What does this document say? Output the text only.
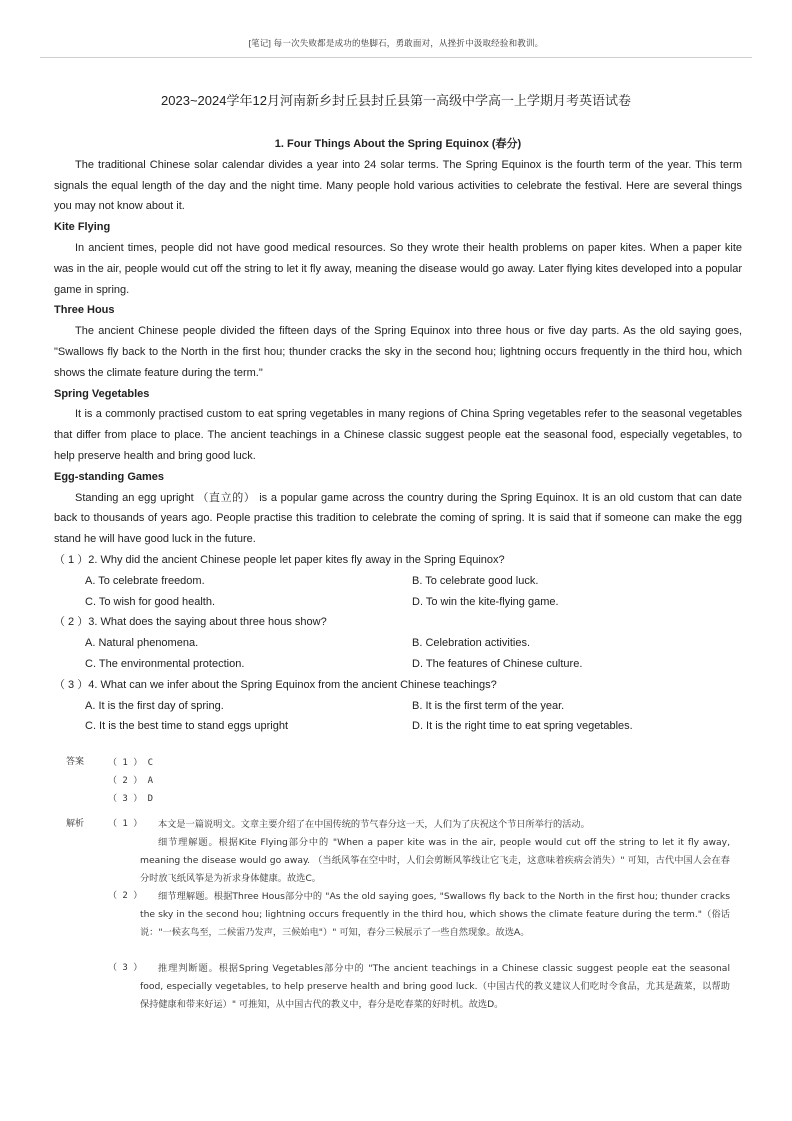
[笔记] 每一次失败都是成功的垫脚石，勇敢面对，从挫折中汲取经验和教训。
2023~2024学年12月河南新乡封丘县封丘县第一高级中学高一上学期月考英语试卷
1. Four Things About the Spring Equinox (春分)

The traditional Chinese solar calendar divides a year into 24 solar terms. The Spring Equinox is the fourth term of the year. This term signals the equal length of the day and the night time. Many people hold various activities to celebrate the festival. Here are several things you may not know about it.

Kite Flying

In ancient times, people did not have good medical resources. So they wrote their health problems on paper kites. When a paper kite was in the air, people would cut off the string to let it fly away, meaning the disease would go away. Later flying kites developed into a popular game in spring.

Three Hous

The ancient Chinese people divided the fifteen days of the Spring Equinox into three hous or five day parts. As the old saying goes, "Swallows fly back to the North in the first hou; thunder cracks the sky in the second hou; lightning occurs frequently in the third hou, which shows the climate feature during the term."

Spring Vegetables

It is a commonly practised custom to eat spring vegetables in many regions of China Spring vegetables refer to the seasonal vegetables that differ from place to place. The ancient teachings in a Chinese classic suggest people eat the seasonal food, especially vegetables, to help preserve health and bring good luck.

Egg-standing Games

Standing an egg upright （直立的） is a popular game across the country during the Spring Equinox. It is an old custom that can date back to thousands of years ago. People practise this tradition to celebrate the coming of spring. It is said that if someone can make the egg stand he will have good luck in the future.

（ 1 ）2. Why did the ancient Chinese people let paper kites fly away in the Spring Equinox?

A. To celebrate freedom.	B. To celebrate good luck.
C. To wish for good health.	D. To win the kite-flying game.

（ 2 ）3. What does the saying about three hous show?

A. Natural phenomena.	B. Celebration activities.
C. The environmental protection.	D. The features of Chinese culture.

（ 3 ）4. What can we infer about the Spring Equinox from the ancient Chinese teachings?

A. It is the first day of spring.	B. It is the first term of the year.
C. It is the best time to stand eggs upright	D. It is the right time to eat spring vegetables.
答案	（ 1 ） C
（ 2 ） A
（ 3 ） D
解析	（ 1 ）	本文是一篇说明文。文章主要介绍了在中国传统的节气春分这一天，人们为了庆祝这个节日所举行的活动。

细节理解题。根据Kite Flying部分中的 "When a paper kite was in the air, people would cut off the string to let it fly away, meaning the disease would go away. （当纸风筝在空中时，人们会剪断风筝线让它飞走，这意味着疾病会消失）" 可知，古代中国人会在春分时放飞纸风筝是为祈求身体健康。故选C。

（ 2 ）	细节理解题。根据Three Hous部分中的 "As the old saying goes, "Swallows fly back to the North in the first hou; thunder cracks the sky in the second hou; lightning occurs frequently in the third hou, which shows the climate feature during the term."（俗话说："一候玄鸟至，二候雷乃发声，三候始电"）" 可知，春分三候展示了一些自然现象。故选A。

（ 3 ）	推理判断题。根据Spring Vegetables部分中的 "The ancient teachings in a Chinese classic suggest people eat the seasonal food, especially vegetables, to help preserve health and bring good luck.（中国古代的教义建议人们吃时令食品，尤其是蔬菜，以帮助保持健康和带来好运）" 可推知，从中国古代的教义中，春分是吃春菜的好时机。故选D。
